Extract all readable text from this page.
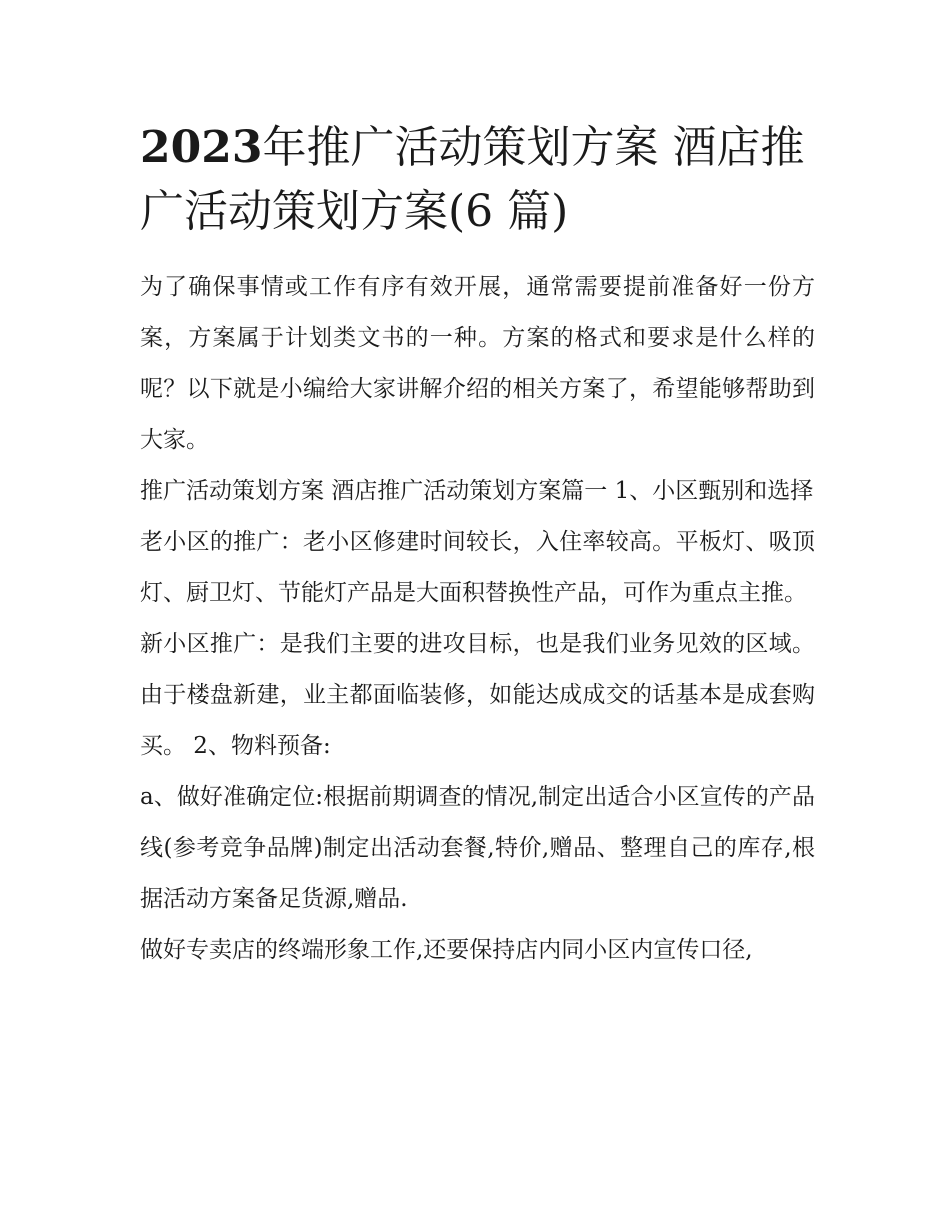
2023年推广活动策划方案 酒店推广活动策划方案(6 篇)

为了确保事情或工作有序有效开展，通常需要提前准备好一份方案，方案属于计划类文书的一种。方案的格式和要求是什么样的呢？以下就是小编给大家讲解介绍的相关方案了，希望能够帮助到大家。

推广活动策划方案 酒店推广活动策划方案篇一 1、小区甄别和选择

老小区的推广：老小区修建时间较长，入住率较高。平板灯、吸顶灯、厨卫灯、节能灯产品是大面积替换性产品，可作为重点主推。

新小区推广：是我们主要的进攻目标，也是我们业务见效的区域。由于楼盘新建，业主都面临装修，如能达成成交的话基本是成套购买。 2、物料预备:

a、做好准确定位:根据前期调查的情况,制定出适合小区宣传的产品线(参考竞争品牌)制定出活动套餐,特价,赠品、整理自己的库存,根据活动方案备足货源,赠品.

做好专卖店的终端形象工作,还要保持店内同小区内宣传口径,
